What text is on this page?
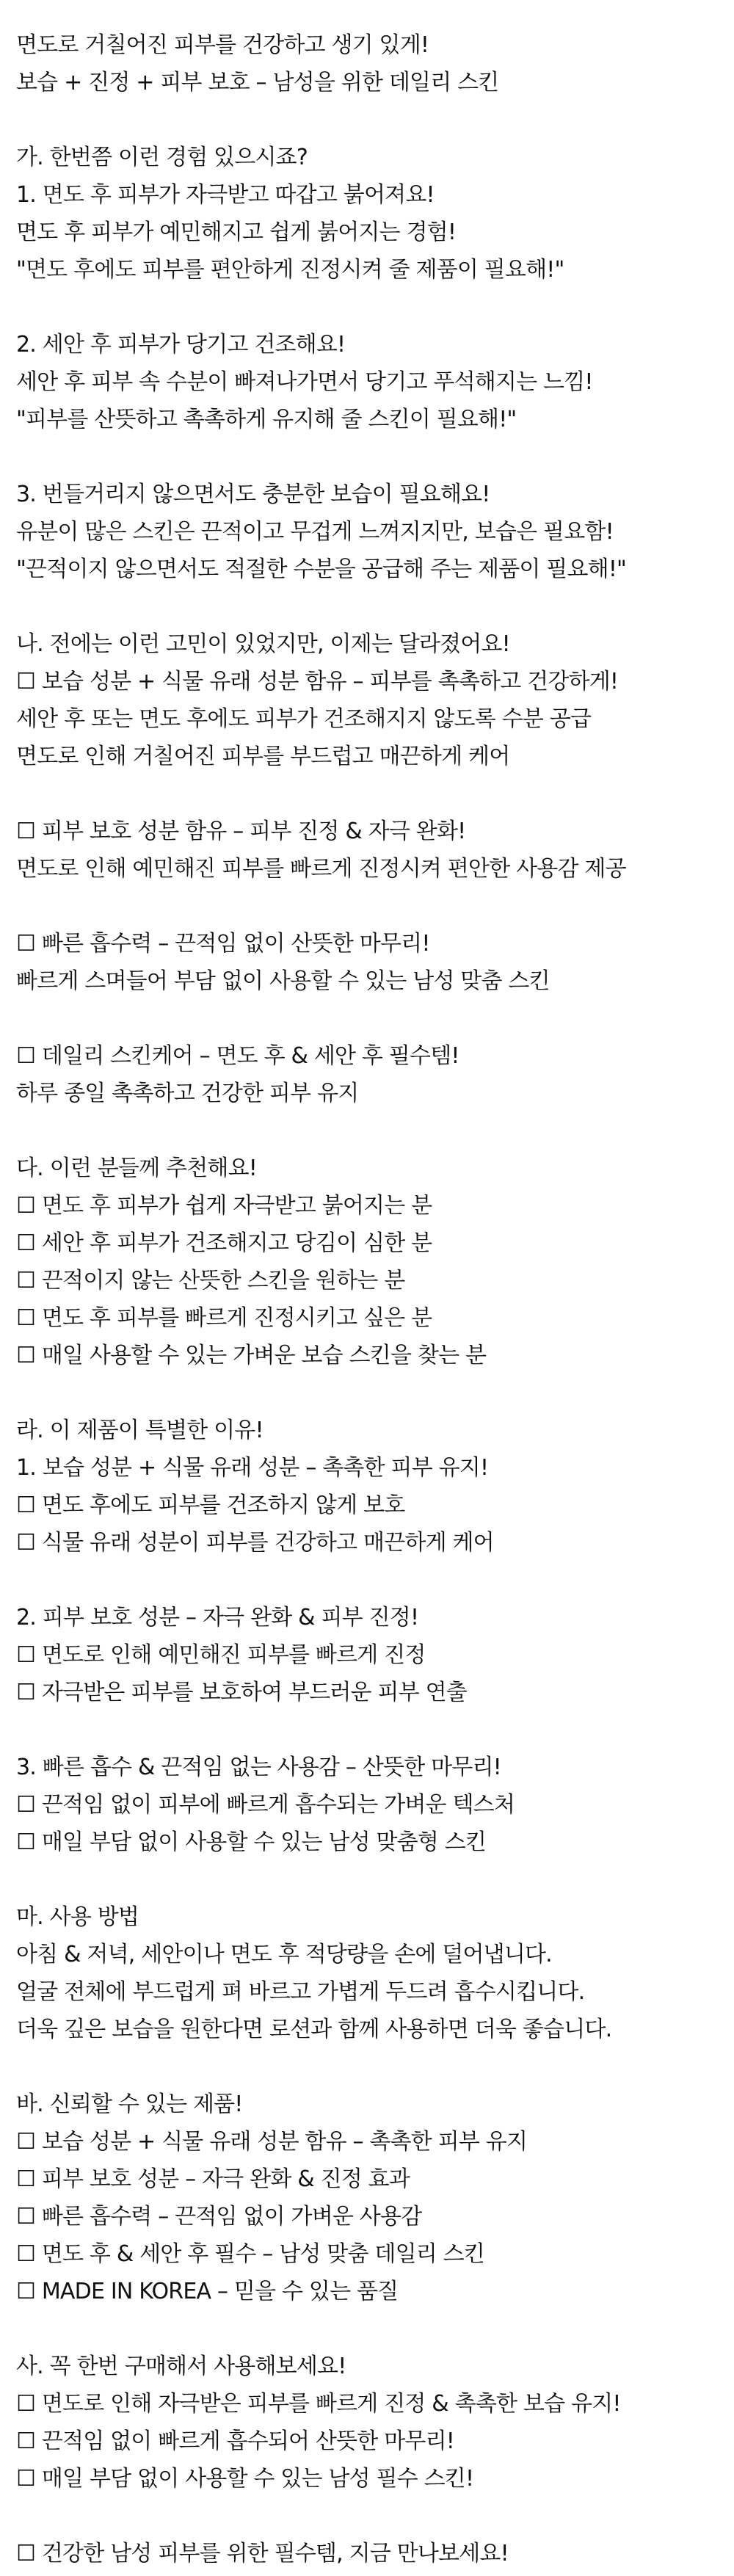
면도로 거칠어진 피부를 건강하고 생기 있게!
보습 + 진정 + 피부 보호 – 남성을 위한 데일리 스킨
가. 한번쯤 이런 경험 있으시죠?
1. 면도 후 피부가 자극받고 따갑고 붉어져요!
면도 후 피부가 예민해지고 쉽게 붉어지는 경험!
"면도 후에도 피부를 편안하게 진정시켜 줄 제품이 필요해!"
2. 세안 후 피부가 당기고 건조해요!
세안 후 피부 속 수분이 빠져나가면서 당기고 푸석해지는 느낌!
"피부를 산뜻하고 촉촉하게 유지해 줄 스킨이 필요해!"
3. 번들거리지 않으면서도 충분한 보습이 필요해요!
유분이 많은 스킨은 끈적이고 무겁게 느껴지지만, 보습은 필요함!
"끈적이지 않으면서도 적절한 수분을 공급해 주는 제품이 필요해!"
나. 전에는 이런 고민이 있었지만, 이제는 달라졌어요!
☐ 보습 성분 + 식물 유래 성분 함유 – 피부를 촉촉하고 건강하게!
세안 후 또는 면도 후에도 피부가 건조해지지 않도록 수분 공급
면도로 인해 거칠어진 피부를 부드럽고 매끈하게 케어
☐ 피부 보호 성분 함유 – 피부 진정 & 자극 완화!
면도로 인해 예민해진 피부를 빠르게 진정시켜 편안한 사용감 제공
☐ 빠른 흡수력 – 끈적임 없이 산뜻한 마무리!
빠르게 스며들어 부담 없이 사용할 수 있는 남성 맞춤 스킨
☐ 데일리 스킨케어 – 면도 후 & 세안 후 필수템!
하루 종일 촉촉하고 건강한 피부 유지
다. 이런 분들께 추천해요!
☐ 면도 후 피부가 쉽게 자극받고 붉어지는 분
☐ 세안 후 피부가 건조해지고 당김이 심한 분
☐ 끈적이지 않는 산뜻한 스킨을 원하는 분
☐ 면도 후 피부를 빠르게 진정시키고 싶은 분
☐ 매일 사용할 수 있는 가벼운 보습 스킨을 찾는 분
라. 이 제품이 특별한 이유!
1. 보습 성분 + 식물 유래 성분 – 촉촉한 피부 유지!
☐ 면도 후에도 피부를 건조하지 않게 보호
☐ 식물 유래 성분이 피부를 건강하고 매끈하게 케어
2. 피부 보호 성분 – 자극 완화 & 피부 진정!
☐ 면도로 인해 예민해진 피부를 빠르게 진정
☐ 자극받은 피부를 보호하여 부드러운 피부 연출
3. 빠른 흡수 & 끈적임 없는 사용감 – 산뜻한 마무리!
☐ 끈적임 없이 피부에 빠르게 흡수되는 가벼운 텍스처
☐ 매일 부담 없이 사용할 수 있는 남성 맞춤형 스킨
마. 사용 방법
아침 & 저녁, 세안이나 면도 후 적당량을 손에 덜어냅니다.
얼굴 전체에 부드럽게 펴 바르고 가볍게 두드려 흡수시킵니다.
더욱 깊은 보습을 원한다면 로션과 함께 사용하면 더욱 좋습니다.
바. 신뢰할 수 있는 제품!
☐ 보습 성분 + 식물 유래 성분 함유 – 촉촉한 피부 유지
☐ 피부 보호 성분 – 자극 완화 & 진정 효과
☐ 빠른 흡수력 – 끈적임 없이 가벼운 사용감
☐ 면도 후 & 세안 후 필수 – 남성 맞춤 데일리 스킨
☐ MADE IN KOREA – 믿을 수 있는 품질
사. 꼭 한번 구매해서 사용해보세요!
☐ 면도로 인해 자극받은 피부를 빠르게 진정 & 촉촉한 보습 유지!
☐ 끈적임 없이 빠르게 흡수되어 산뜻한 마무리!
☐ 매일 부담 없이 사용할 수 있는 남성 필수 스킨!
☐ 건강한 남성 피부를 위한 필수템, 지금 만나보세요!
